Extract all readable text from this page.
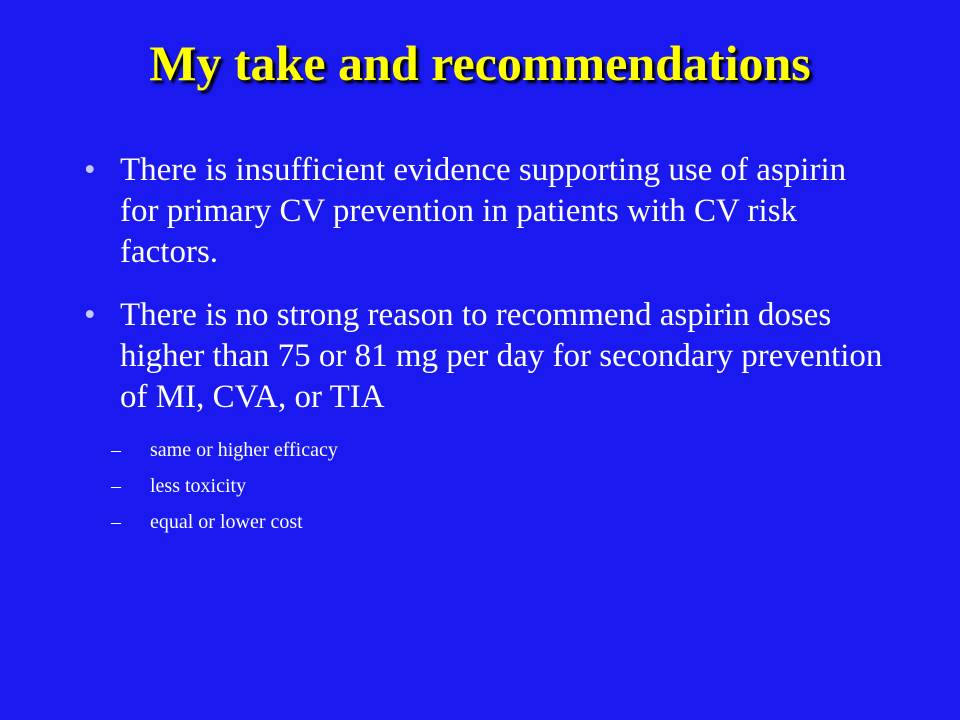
My take and recommendations
• There is insufficient evidence supporting use of aspirin for primary CV prevention in patients with CV risk factors.
• There is no strong reason to recommend aspirin doses higher than 75 or 81 mg per day for secondary prevention of MI, CVA, or TIA
– same or higher efficacy
– less toxicity
– equal or lower cost
